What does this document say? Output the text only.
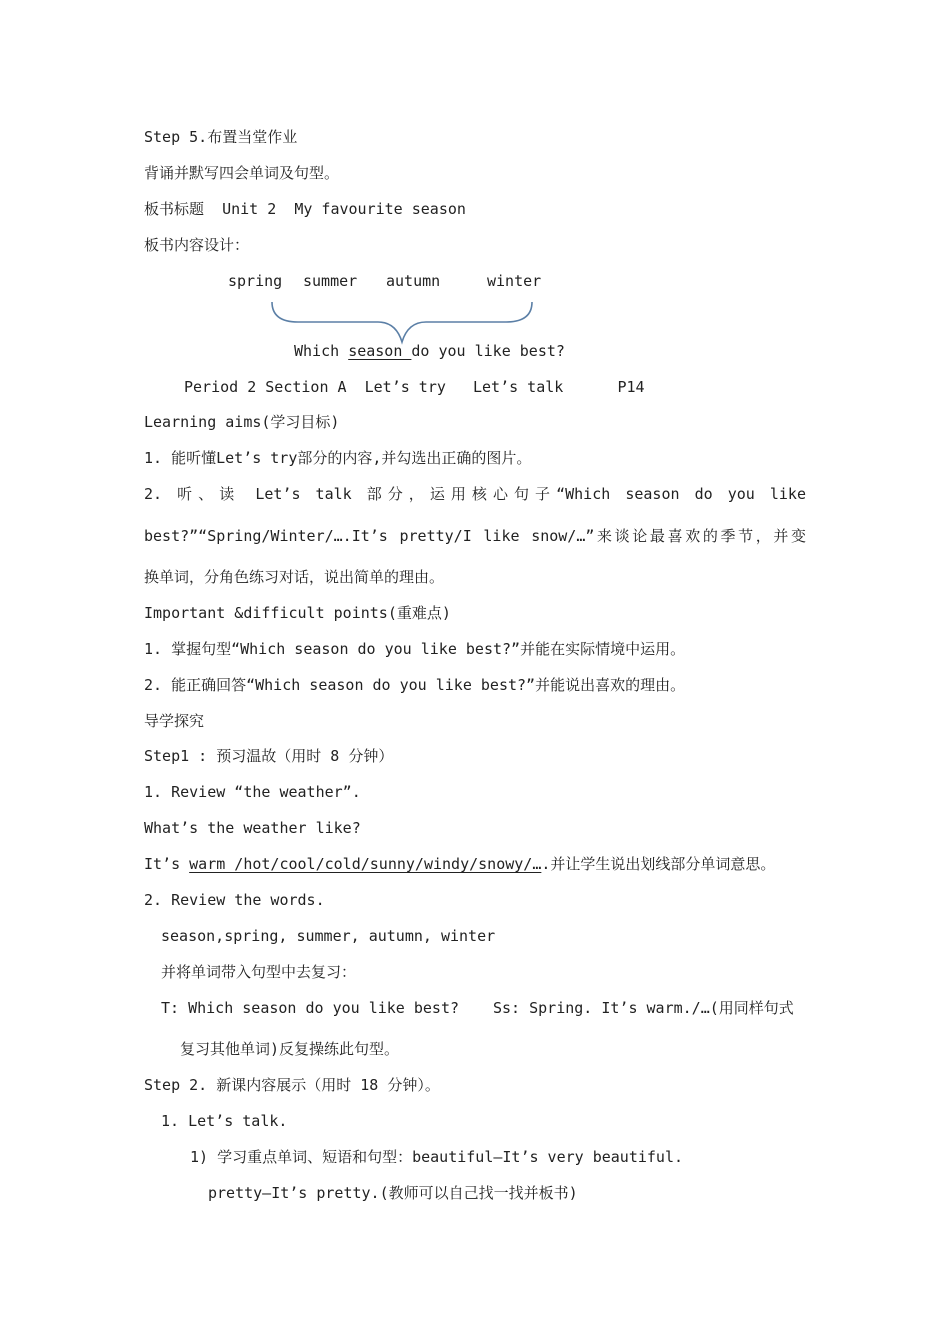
Step 5.布置当堂作业
背诵并默写四会单词及句型。
板书标题 Unit 2 My favourite season
板书内容设计：
spring summer autumn	winter
Which season do you like best?
Period 2 Section A  Let’s try   Let’s talk      P14
Learning aims(学习目标)
1. 能听懂Let’s try部分的内容,并勾选出正确的图片。
2. 听、读 Let’s talk 部分，运用核心句子“Which season do you like
best?”“Spring/Winter/….It’s pretty/I like snow/…”来谈论最喜欢的季节，并变
换单词，分角色练习对话，说出简单的理由。
Important &difficult points(重难点)
1. 掌握句型“Which season do you like best?”并能在实际情境中运用。
2. 能正确回答“Which season do you like best?”并能说出喜欢的理由。
导学探究
Step1 : 预习温故（用时 8 分钟）
1. Review “the weather”.
What’s the weather like?
It’s warm /hot/cool/cold/sunny/windy/snowy/….并让学生说出划线部分单词意思。
2. Review the words.
season,spring, summer, autumn, winter
并将单词带入句型中去复习：
T: Which season do you like best? Ss: Spring. It’s warm./…(用同样句式
复习其他单词)反复操练此句型。
Step 2. 新课内容展示（用时 18 分钟）。
1. Let’s talk.
1) 学习重点单词、短语和句型：beautiful—It’s very beautiful.
pretty—It’s pretty.(教师可以自己找一找并板书)
